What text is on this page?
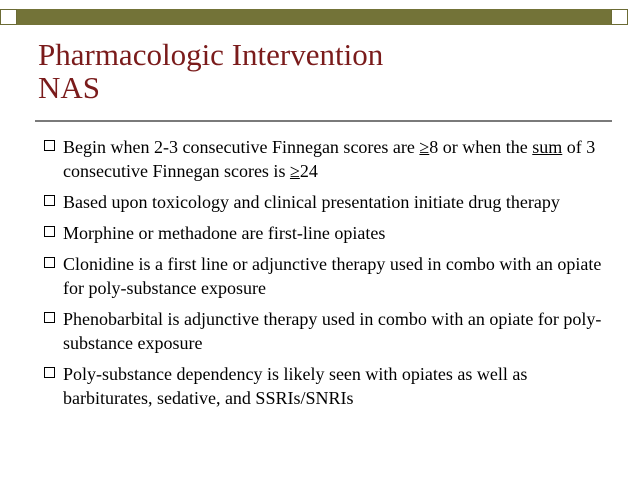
Pharmacologic Intervention
NAS
Begin when 2-3 consecutive Finnegan scores are ≥8 or when the sum of 3 consecutive Finnegan scores is ≥24
Based upon toxicology and clinical presentation initiate drug therapy
Morphine or methadone are first-line opiates
Clonidine is a first line or adjunctive therapy used in combo with an opiate for poly-substance exposure
Phenobarbital is adjunctive therapy used in combo with an opiate for poly-substance exposure
Poly-substance dependency is likely seen with opiates as well as barbiturates, sedative, and SSRIs/SNRIs
